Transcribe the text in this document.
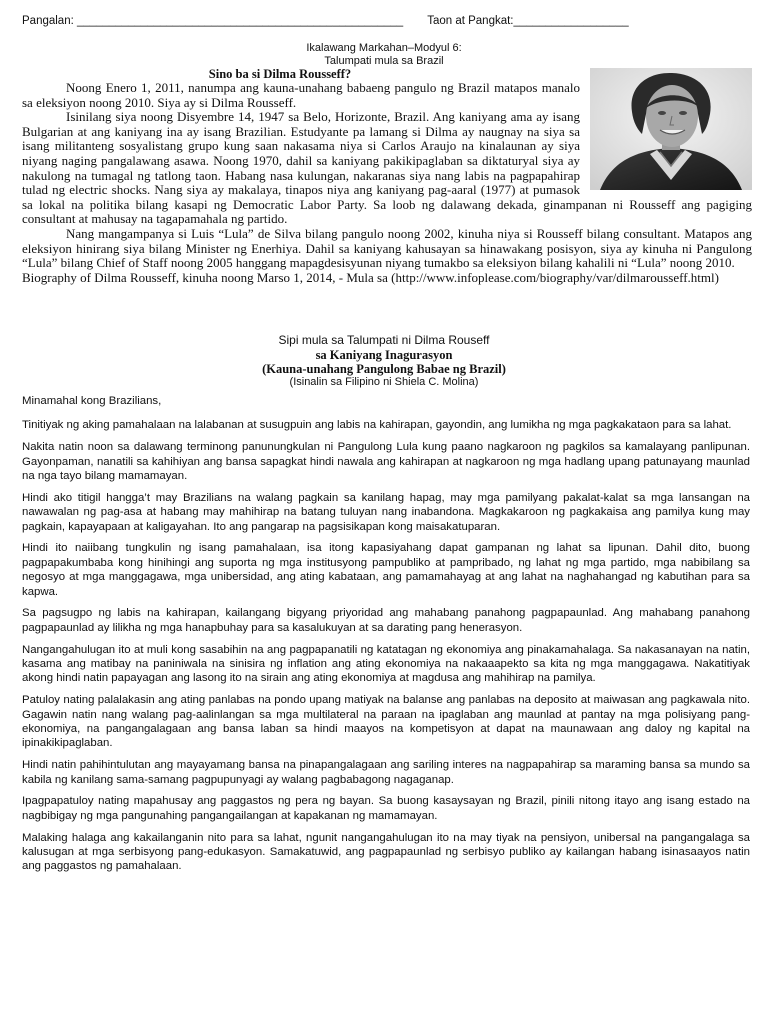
Pangalan: ___________________________________________________ Taon at Pangkat:__________________
Ikalawang Markahan–Modyul 6:
Talumpati mula sa Brazil
Sino ba si Dilma Rousseff?

Noong Enero 1, 2011, nanumpa ang kauna-unahang babaeng pangulo ng Brazil matapos manalo sa eleksiyon noong 2010. Siya ay si Dilma Rousseff.

Isinilang siya noong Disyembre 14, 1947 sa Belo, Horizonte, Brazil. Ang kaniyang ama ay isang Bulgarian at ang kaniyang ina ay isang Brazilian. Estudyante pa lamang si Dilma ay naugnay na siya sa isang militanteng sosyalistang grupo kung saan nakasama niya si Carlos Araujo na kinalaunan ay siya niyang naging pangalawang asawa. Noong 1970, dahil sa kaniyang pakikipaglaban sa diktaturyal siya ay nakulong na tumagal ng tatlong taon. Habang nasa kulungan, nakaranas siya nang labis na pagpapahirap tulad ng electric shocks. Nang siya ay makalaya, tinapos niya ang kaniyang pag-aaral (1977) at pumasok sa lokal na politika bilang kasapi ng Democratic Labor Party. Sa loob ng dalawang dekada, ginampanan ni Rousseff ang pagiging consultant at mahusay na tagapamahala ng partido.

Nang mangampanya si Luis “Lula” de Silva bilang pangulo noong 2002, kinuha niya si Rousseff bilang consultant. Matapos ang eleksiyon hinirang siya bilang Minister ng Enerhiya. Dahil sa kaniyang kahusayan sa hinawakang posisyon, siya ay kinuha ni Pangulong “Lula” bilang Chief of Staff noong 2005 hanggang mapagdesisyunan niyang tumakbo sa eleksiyon bilang kahalili ni “Lula” noong 2010.

Biography of Dilma Rousseff, kinuha noong Marso 1, 2014, - Mula sa (http://www.infoplease.com/biography/var/dilmarousseff.html)

Sipi mula sa Talumpati ni Dilma Rouseff
sa Kaniyang Inagurasyon
(Kauna-unahang Pangulong Babae ng Brazil)
(Isinalin sa Filipino ni Shiela C. Molina)

Minamahal kong Brazilians,

Tinitiyak ng aking pamahalaan na lalabanan at susugpuin ang labis na kahirapan, gayondin, ang lumikha ng mga pagkakataon para sa lahat.

Nakita natin noon sa dalawang terminong panunungkulan ni Pangulong Lula kung paano nagkaroon ng pagkilos sa kamalayang panlipunan. Gayonpaman, nanatili sa kahihiyan ang bansa sapagkat hindi nawala ang kahirapan at nagkaroon ng mga hadlang upang patunayang maunlad na nga tayo bilang mamamayan.

Hindi ako titigil hangga’t may Brazilians na walang pagkain sa kanilang hapag, may mga pamilyang pakalat-kalat sa mga lansangan na nawawalan ng pag-asa at habang may mahihirap na batang tuluyan nang inabandona. Magkakaroon ng pagkakaisa ang pamilya kung may pagkain, kapayapaan at kaligayahan. Ito ang pangarap na pagsisikapan kong maisakatuparan.

Hindi ito naiibang tungkulin ng isang pamahalaan, isa itong kapasiyahang dapat gampanan ng lahat sa lipunan. Dahil dito, buong pagpapakumbaba kong hinihingi ang suporta ng mga institusyong pampubliko at pampribado, ng lahat ng mga partido, mga nabibilang sa negosyo at mga manggagawa, mga unibersidad, ang ating kabataan, ang pamamahayag at ang lahat na naghahangad ng kabutihan para sa kapwa.

Sa pagsugpo ng labis na kahirapan, kailangang bigyang priyoridad ang mahabang panahong pagpapaunlad. Ang mahabang panahong pagpapaunlad ay lilikha ng mga hanapbuhay para sa kasalukuyan at sa darating pang henerasyon.

Nangangahulugan ito at muli kong sasabihin na ang pagpapanatili ng katatagan ng ekonomiya ang pinakamahalaga. Sa nakasanayan na natin, kasama ang matibay na paniniwala na sinisira ng inflation ang ating ekonomiya na nakaaapekto sa kita ng mga manggagawa. Nakatitiyak akong hindi natin papayagan ang lasong ito na sirain ang ating ekonomiya at magdusa ang mahihirap na pamilya.

Patuloy nating palalakasin ang ating panlabas na pondo upang matiyak na balanse ang panlabas na deposito at maiwasan ang pagkawala nito. Gagawin natin nang walang pag-aalinlangan sa mga multilateral na paraan na ipaglaban ang maunlad at pantay na mga polisiyang pang-ekonomiya, na pangangalagaan ang bansa laban sa hindi maayos na kompetisyon at dapat na maunawaan ang daloy ng kapital na ipinakikipaglaban.

Hindi natin pahihintulutan ang mayayamang bansa na pinapangalagaan ang sariling interes na nagpapahirap sa maraming bansa sa mundo sa kabila ng kanilang sama-samang pagpupunyagi ay walang pagbabagong nagaganap.

Ipagpapatuloy nating mapahusay ang paggastos ng pera ng bayan. Sa buong kasaysayan ng Brazil, pinili nitong itayo ang isang estado na nagbibigay ng mga pangunahing pangangailangan at kapakanan ng mamamayan.

Malaking halaga ang kakailanganin nito para sa lahat, ngunit nangangahulugan ito na may tiyak na pensiyon, unibersal na pangangalaga sa kalusugan at mga serbisyong pang-edukasyon. Samakatuwid, ang pagpapaunlad ng serbisyo publiko ay kailangan habang isinasaayos natin ang paggastos ng pamahalaan.
